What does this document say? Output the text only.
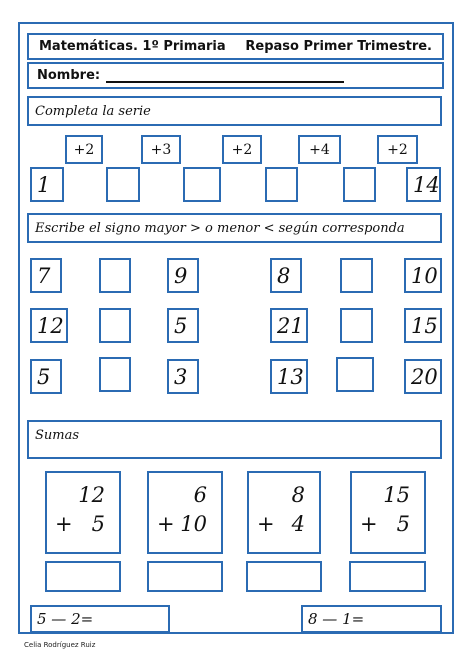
Matemáticas. 1º Primaria Repaso Primer Trimestre.
Nombre:
Completa la serie
+2	+3	+2	+4	+2
1	14
Escribe el signo mayor > o menor < según corresponda
7	9	8	10
12	5	21	15
5	3	13	20
Sumas
12
+ 5
6
+ 10
8
+ 4
15
+ 5
5 — 2=	8 — 1=
Celia Rodríguez Ruiz
